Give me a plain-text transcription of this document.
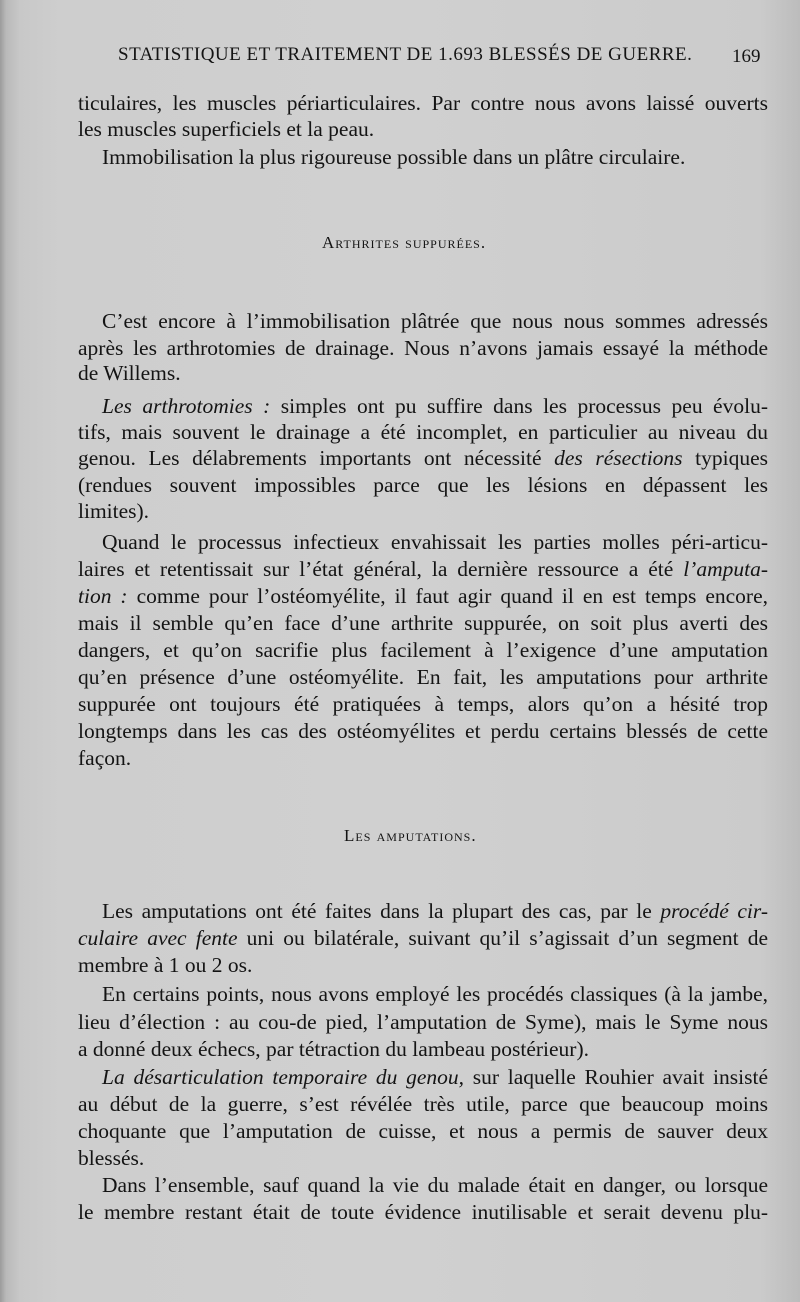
STATISTIQUE ET TRAITEMENT DE 1.693 BLESSÉS DE GUERRE. 169
ticulaires, les muscles périarticulaires. Par contre nous avons laissé ouverts
les muscles superficiels et la peau.
Immobilisation la plus rigoureuse possible dans un plâtre circulaire.
Arthrites suppurées.
C’est encore à l’immobilisation plâtrée que nous nous sommes adressés
après les arthrotomies de drainage. Nous n’avons jamais essayé la méthode
de Willems.
Les arthrotomies : simples ont pu suffire dans les processus peu évolu-
tifs, mais souvent le drainage a été incomplet, en particulier au niveau du
genou. Les délabrements importants ont nécessité des résections typiques
(rendues souvent impossibles parce que les lésions en dépassent les
limites).
Quand le processus infectieux envahissait les parties molles péri-articu-
laires et retentissait sur l’état général, la dernière ressource a été l’amputa-
tion : comme pour l’ostéomyélite, il faut agir quand il en est temps encore,
mais il semble qu’en face d’une arthrite suppurée, on soit plus averti des
dangers, et qu’on sacrifie plus facilement à l’exigence d’une amputation
qu’en présence d’une ostéomyélite. En fait, les amputations pour arthrite
suppurée ont toujours été pratiquées à temps, alors qu’on a hésité trop
longtemps dans les cas des ostéomyélites et perdu certains blessés de cette
façon.
Les amputations.
Les amputations ont été faites dans la plupart des cas, par le procédé cir-
culaire avec fente uni ou bilatérale, suivant qu’il s’agissait d’un segment de
membre à 1 ou 2 os.
En certains points, nous avons employé les procédés classiques (à la jambe,
lieu d’élection : au cou-de pied, l’amputation de Syme), mais le Syme nous
a donné deux échecs, par tétraction du lambeau postérieur).
La désarticulation temporaire du genou, sur laquelle Rouhier avait insisté
au début de la guerre, s’est révélée très utile, parce que beaucoup moins
choquante que l’amputation de cuisse, et nous a permis de sauver deux
blessés.
Dans l’ensemble, sauf quand la vie du malade était en danger, ou lorsque
le membre restant était de toute évidence inutilisable et serait devenu plu-
